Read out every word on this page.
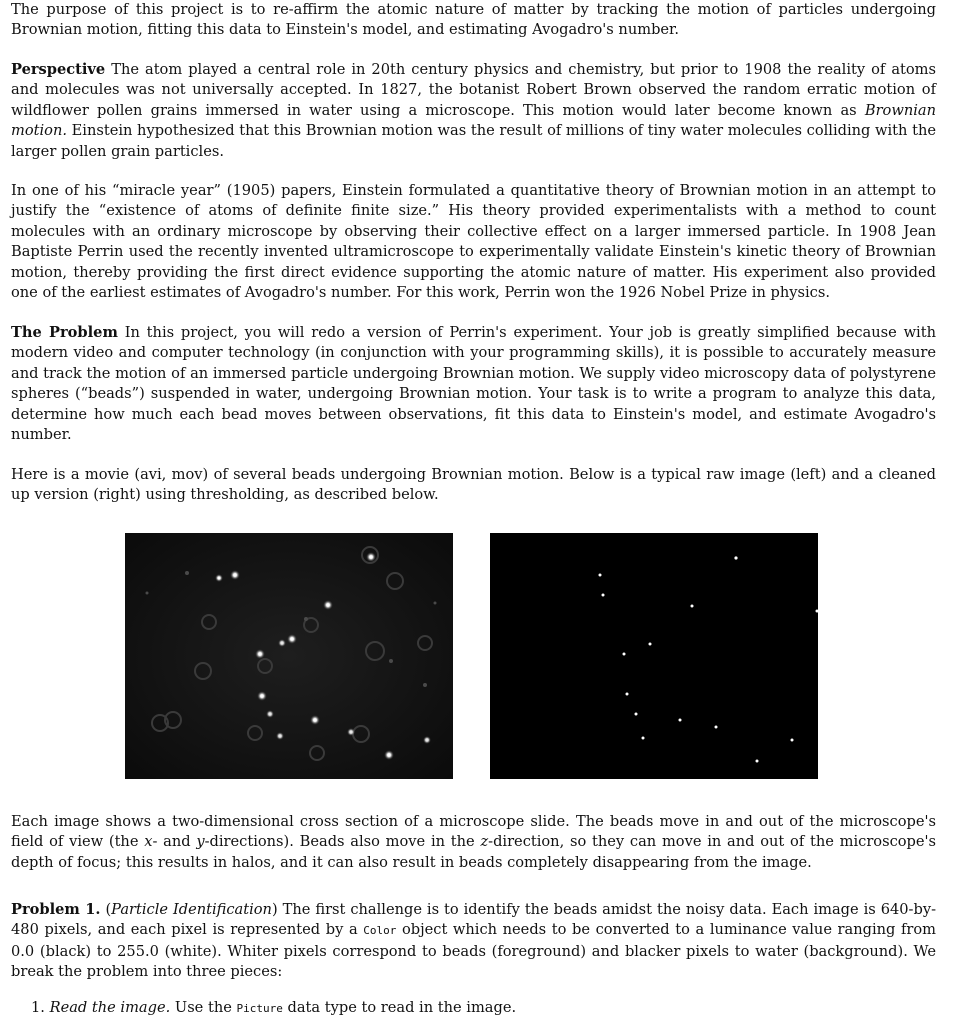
The purpose of this project is to re-affirm the atomic nature of matter by tracking the motion of particles undergoing Brownian motion, fitting this data to Einstein's model, and estimating Avogadro's number.

Perspective The atom played a central role in 20th century physics and chemistry, but prior to 1908 the reality of atoms and molecules was not universally accepted. In 1827, the botanist Robert Brown observed the random erratic motion of wildflower pollen grains immersed in water using a microscope. This motion would later become known as Brownian motion. Einstein hypothesized that this Brownian motion was the result of millions of tiny water molecules colliding with the larger pollen grain particles.

In one of his “miracle year” (1905) papers, Einstein formulated a quantitative theory of Brownian motion in an attempt to justify the “existence of atoms of definite finite size.” His theory provided experimentalists with a method to count molecules with an ordinary microscope by observing their collective effect on a larger immersed particle. In 1908 Jean Baptiste Perrin used the recently invented ultramicroscope to experimentally validate Einstein's kinetic theory of Brownian motion, thereby providing the first direct evidence supporting the atomic nature of matter. His experiment also provided one of the earliest estimates of Avogadro's number. For this work, Perrin won the 1926 Nobel Prize in physics.

The Problem In this project, you will redo a version of Perrin's experiment. Your job is greatly simplified because with modern video and computer technology (in conjunction with your programming skills), it is possible to accurately measure and track the motion of an immersed particle undergoing Brownian motion. We supply video microscopy data of polystyrene spheres (“beads”) suspended in water, undergoing Brownian motion. Your task is to write a program to analyze this data, determine how much each bead moves between observations, fit this data to Einstein's model, and estimate Avogadro's number.

Here is a movie (avi, mov) of several beads undergoing Brownian motion. Below is a typical raw image (left) and a cleaned up version (right) using thresholding, as described below.

Each image shows a two-dimensional cross section of a microscope slide. The beads move in and out of the microscope's field of view (the x- and y-directions). Beads also move in the z-direction, so they can move in and out of the microscope's depth of focus; this results in halos, and it can also result in beads completely disappearing from the image.

Problem 1. (Particle Identification) The first challenge is to identify the beads amidst the noisy data. Each image is 640-by-480 pixels, and each pixel is represented by a Color object which needs to be converted to a luminance value ranging from 0.0 (black) to 255.0 (white). Whiter pixels correspond to beads (foreground) and blacker pixels to water (background). We break the problem into three pieces:

1. Read the image. Use the Picture data type to read in the image.
